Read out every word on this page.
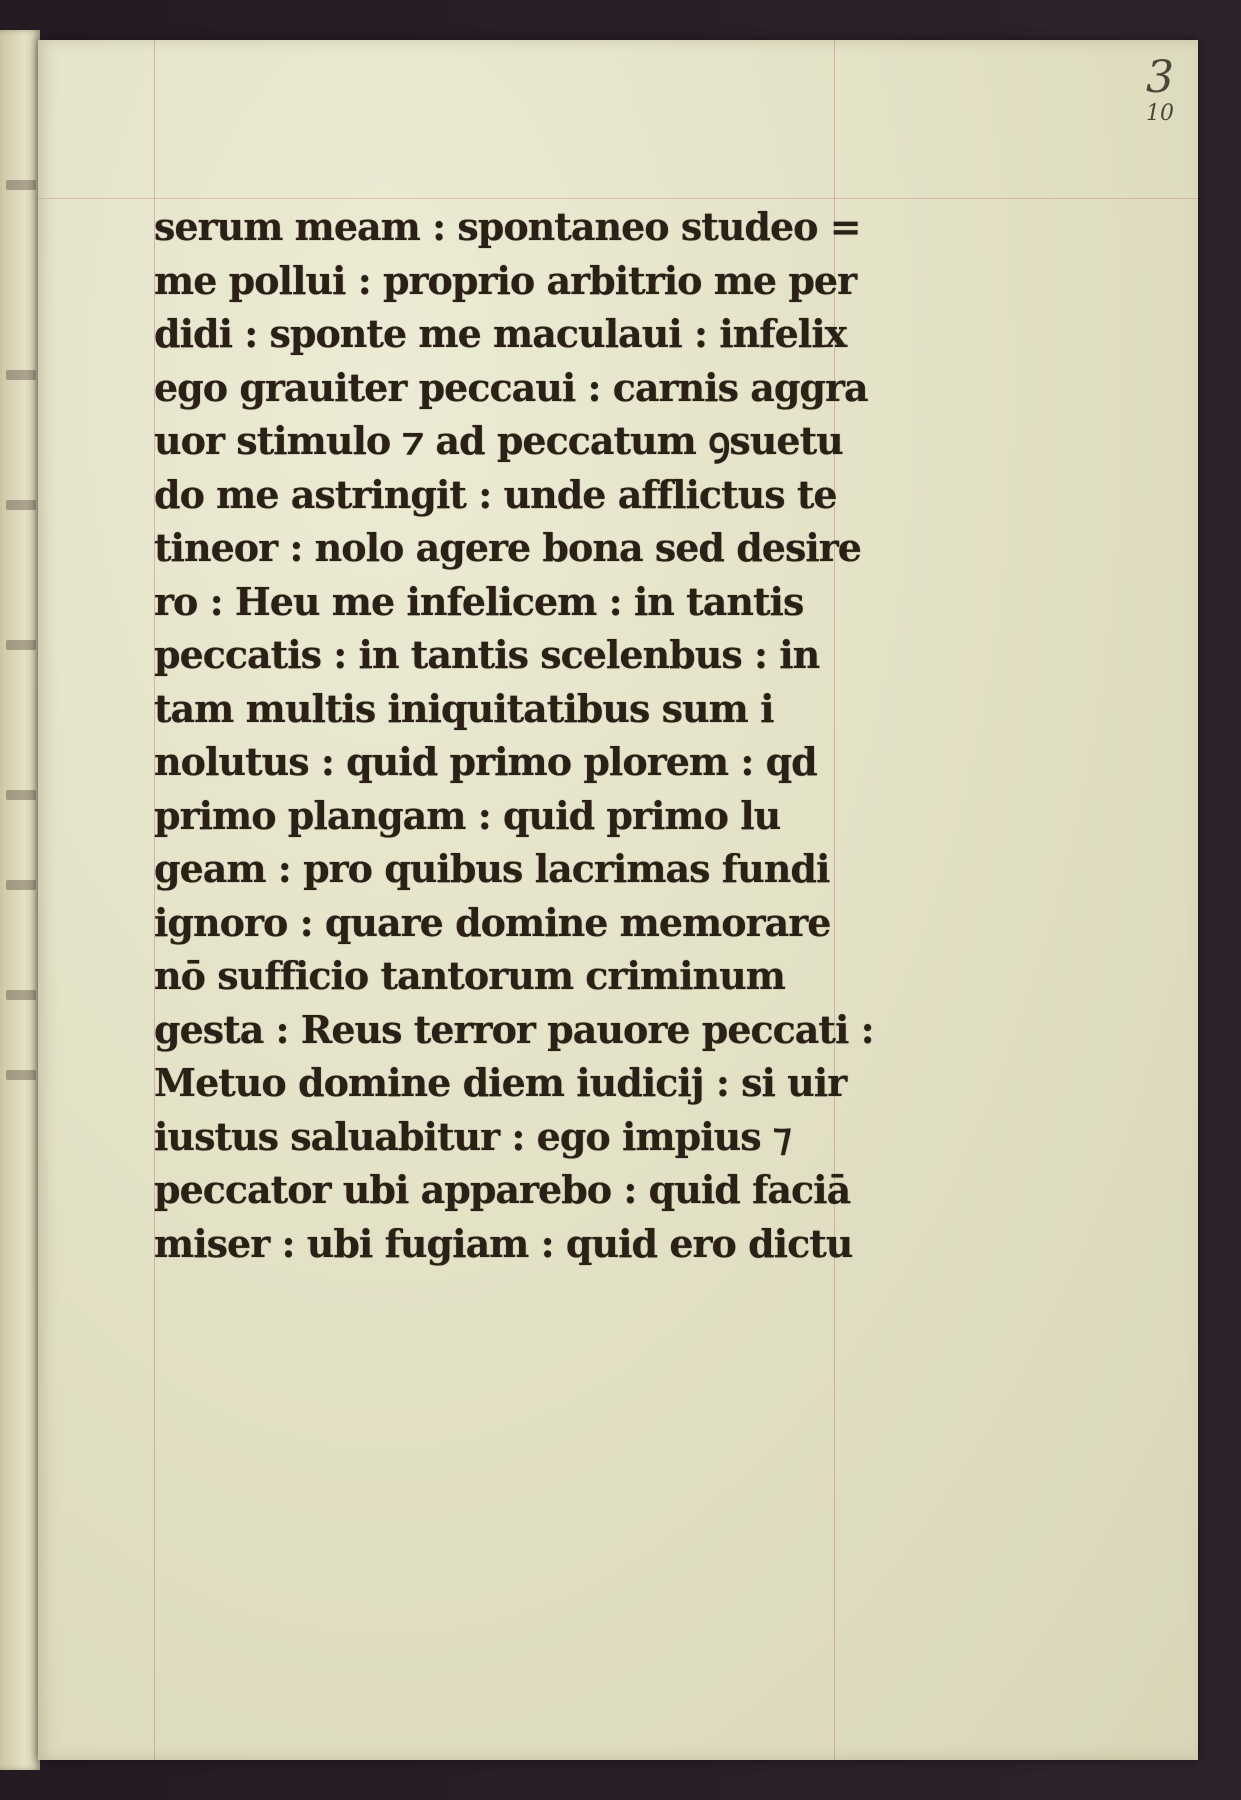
3
10
serum meam : spontaneo studeo =
me pollui : proprio arbitrio me per
didi : sponte me maculaui : infelix
ego grauiter peccaui : carnis aggra
uor stimulo ⁊ ad peccatum ꝯsuetu
do me astringit : unde afflictus te
tineor : nolo agere bona sed desire
ro : Heu me infelicem : in tantis
peccatis : in tantis scelenbus : in
tam multis iniquitatibus sum i
nolutus : quid primo plorem : qd
primo plangam : quid primo lu
geam : pro quibus lacrimas fundi
ignoro : quare domine memorare
nō sufficio tantorum criminum
gesta : Reus terror pauore peccati :
Metuo domine diem iudicij : si uir
iustus saluabitur : ego impius ⁊
peccator ubi apparebo : quid faciā
miser : ubi fugiam : quid ero dictu
